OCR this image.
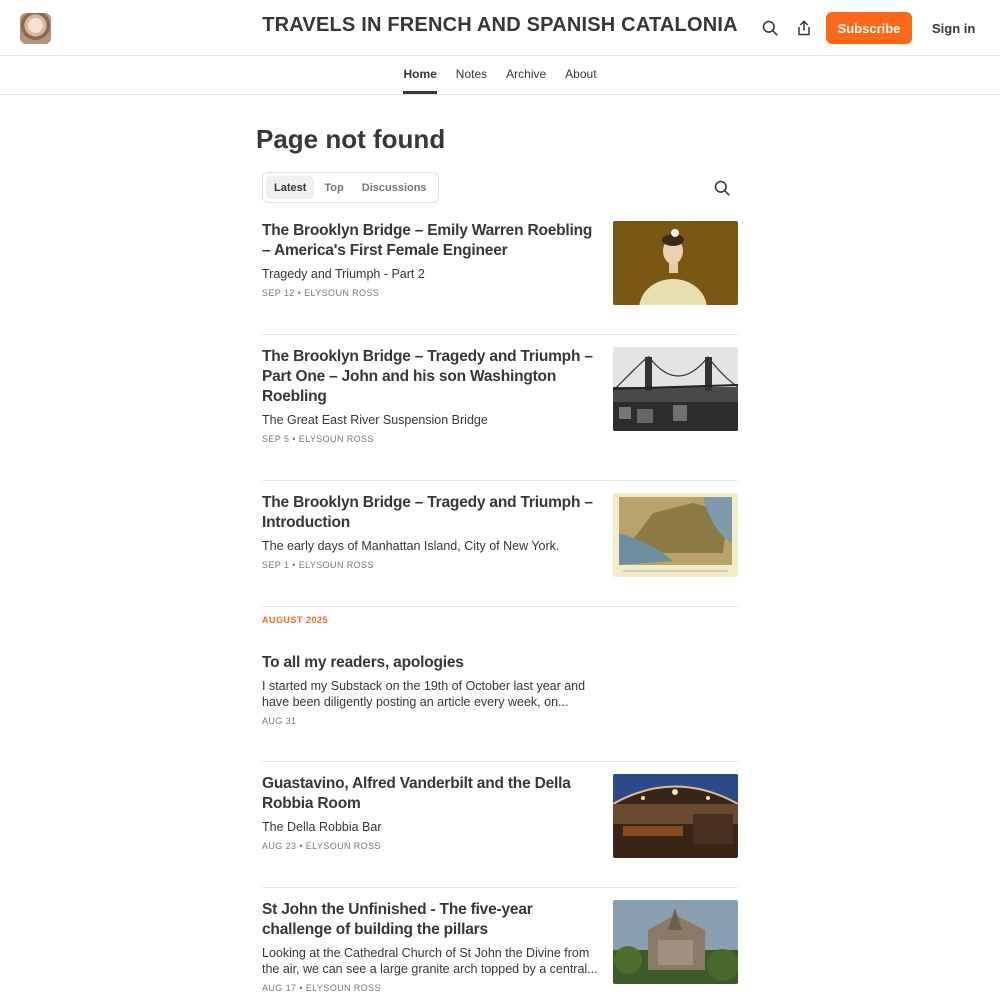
TRAVELS IN FRENCH AND SPANISH CATALONIA	Subscribe	Sign in
Home Notes Archive About
Page not found
Latest	Top	Discussions
The Brooklyn Bridge – Emily Warren Roebling – America's First Female Engineer
Tragedy and Triumph - Part 2
SEP 12 • ELYSOUN ROSS
The Brooklyn Bridge – Tragedy and Triumph – Part One – John and his son Washington Roebling
The Great East River Suspension Bridge
SEP 5 • ELYSOUN ROSS
The Brooklyn Bridge – Tragedy and Triumph – Introduction
The early days of Manhattan Island, City of New York.
SEP 1 • ELYSOUN ROSS
AUGUST 2025
To all my readers, apologies
I started my Substack on the 19th of October last year and have been diligently posting an article every week, on...
AUG 31
Guastavino, Alfred Vanderbilt and the Della Robbia Room
The Della Robbia Bar
AUG 23 • ELYSOUN ROSS
St John the Unfinished - The five-year challenge of building the pillars
Looking at the Cathedral Church of St John the Divine from the air, we can see a large granite arch topped by a central...
AUG 17 • ELYSOUN ROSS
